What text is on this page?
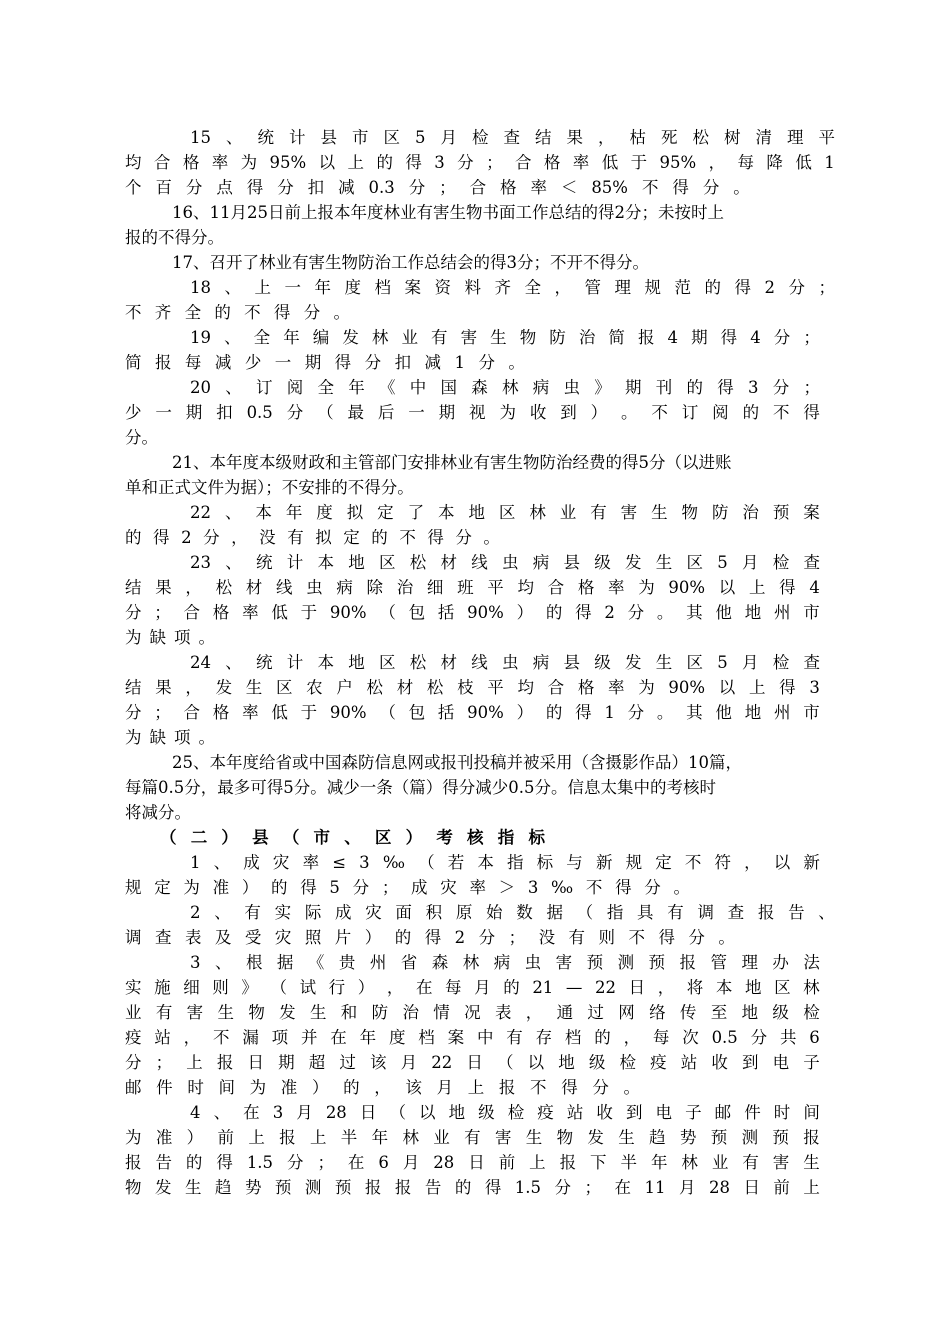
15 、 统 计 县 市 区 5 月 检 查 结 果 ， 枯 死 松 树 清 理 平
均 合 格 率 为 95% 以 上 的 得 3 分 ； 合 格 率 低 于 95% ， 每 降 低 1
个 百 分 点 得 分 扣 减 0.3 分 ； 合 格 率 ＜ 85% 不 得 分 。
16、11月25日前上报本年度林业有害生物书面工作总结的得2分；未按时上
报的不得分。
17、召开了林业有害生物防治工作总结会的得3分；不开不得分。
18 、 上 一 年 度 档 案 资 料 齐 全 ， 管 理 规 范 的 得 2 分 ；
不 齐 全 的 不 得 分 。
19 、 全 年 编 发 林 业 有 害 生 物 防 治 简 报 4 期 得 4 分 ；
简 报 每 减 少 一 期 得 分 扣 减 1 分 。
20 、 订 阅 全 年 《 中 国 森 林 病 虫 》 期 刊 的 得 3 分 ；
少 一 期 扣 0.5 分 （ 最 后 一 期 视 为 收 到 ） 。 不 订 阅 的 不 得
分 。
21、本年度本级财政和主管部门安排林业有害生物防治经费的得5分（以进账
单和正式文件为据）；不安排的不得分。
22 、 本 年 度 拟 定 了 本 地 区 林 业 有 害 生 物 防 治 预 案
的 得 2 分 ， 没 有 拟 定 的 不 得 分 。
23 、 统 计 本 地 区 松 材 线 虫 病 县 级 发 生 区 5 月 检 查
结 果 ， 松 材 线 虫 病 除 治 细 班 平 均 合 格 率 为 90% 以 上 得 4
分 ； 合 格 率 低 于 90% （ 包 括 90% ） 的 得 2 分 。 其 他 地 州 市
为 缺 项 。
24 、 统 计 本 地 区 松 材 线 虫 病 县 级 发 生 区 5 月 检 查
结 果 ， 发 生 区 农 户 松 材 松 枝 平 均 合 格 率 为 90% 以 上 得 3
分 ； 合 格 率 低 于 90% （ 包 括 90% ） 的 得 1 分 。 其 他 地 州 市
为 缺 项 。
25、本年度给省或中国森防信息网或报刊投稿并被采用（含摄影作品）10篇，
每篇0.5分，最多可得5分。减少一条（篇）得分减少0.5分。信息太集中的考核时
将减分。
（ 二 ） 县 （ 市 、 区 ） 考 核 指 标
1 、 成 灾 率 ≤ 3 ‰ （ 若 本 指 标 与 新 规 定 不 符 ， 以 新
规 定 为 准 ） 的 得 5 分 ； 成 灾 率 ＞ 3 ‰ 不 得 分 。
2 、 有 实 际 成 灾 面 积 原 始 数 据 （ 指 具 有 调 查 报 告 、
调 查 表 及 受 灾 照 片 ） 的 得 2 分 ； 没 有 则 不 得 分 。
3 、 根 据 《 贵 州 省 森 林 病 虫 害 预 测 预 报 管 理 办 法
实 施 细 则 》 （ 试 行 ） ， 在 每 月 的 21 — 22 日 ， 将 本 地 区 林
业 有 害 生 物 发 生 和 防 治 情 况 表 ， 通 过 网 络 传 至 地 级 检
疫 站 ， 不 漏 项 并 在 年 度 档 案 中 有 存 档 的 ， 每 次 0.5 分 共 6
分 ； 上 报 日 期 超 过 该 月 22 日 （ 以 地 级 检 疫 站 收 到 电 子
邮 件 时 间 为 准 ） 的 ， 该 月 上 报 不 得 分 。
4 、 在 3 月 28 日 （ 以 地 级 检 疫 站 收 到 电 子 邮 件 时 间
为 准 ） 前 上 报 上 半 年 林 业 有 害 生 物 发 生 趋 势 预 测 预 报
报 告 的 得 1.5 分 ； 在 6 月 28 日 前 上 报 下 半 年 林 业 有 害 生
物 发 生 趋 势 预 测 预 报 报 告 的 得 1.5 分 ； 在 11 月 28 日 前 上
